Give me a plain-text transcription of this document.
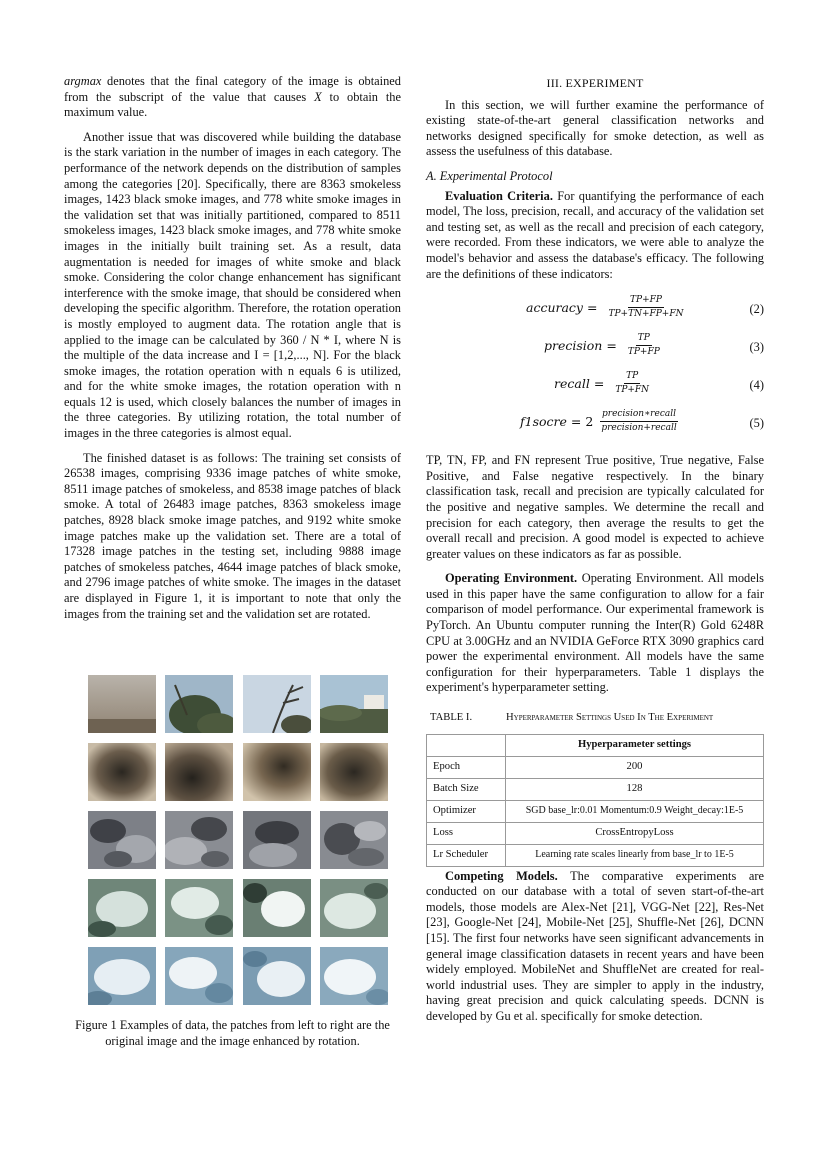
argmax denotes that the final category of the image is obtained from the subscript of the value that causes X to obtain the maximum value.

Another issue that was discovered while building the database is the stark variation in the number of images in each category. The performance of the network depends on the distribution of samples among the categories [20]. Specifically, there are 8363 smokeless images, 1423 black smoke images, and 778 white smoke images in the validation set that was initially partitioned, compared to 8511 smokeless images, 1423 black smoke images, and 778 white smoke images in the initially built training set. As a result, data augmentation is needed for images of white smoke and black smoke. Considering the color change enhancement has significant interference with the smoke image, that should be considered when developing the specific algorithm. Therefore, the rotation operation is mostly employed to augment data. The rotation angle that is applied to the image can be calculated by 360 / N * I, where N is the multiple of the data increase and I = [1,2,..., N]. For the black smoke images, the rotation operation with n equals 6 is utilized, and for the white smoke images, the rotation operation with n equals 12 is used, which closely balances the number of images in the three categories. By utilizing rotation, the total number of images in the three categories is almost equal.

The finished dataset is as follows: The training set consists of 26538 images, comprising 9336 image patches of white smoke, 8511 image patches of smokeless, and 8538 image patches of black smoke. A total of 26483 image patches, 8363 smokeless image patches, 8928 black smoke image patches, and 9192 white smoke image patches make up the validation set. There are a total of 17328 image patches in the testing set, including 9888 image patches of smokeless patches, 4644 image patches of black smoke, and 2796 image patches of white smoke. The images in the dataset are displayed in Figure 1, it is important to note that only the images from the training set and the validation set are rotated.

Figure 1 Examples of data, the patches from left to right are the original image and the image enhanced by rotation.
III. EXPERIMENT

In this section, we will further examine the performance of existing state-of-the-art general classification networks and networks designed specifically for smoke detection, as well as assess the usefulness of this database.

A. Experimental Protocol

Evaluation Criteria. For quantifying the performance of each model, The loss, precision, recall, and accuracy of the validation set and testing set, as well as the recall and precision of each category, were recorded. From these indicators, we were able to analyze the model's behavior and assess the database's efficacy. The following are the definitions of these indicators:

accuracy = $\frac{TP+FP}{TP+TN+FP+FN}$	(2)
precision = $\frac{TP}{TP+FP}$	(3)
recall = $\frac{TP}{TP+FN}$	(4)
f1socre = $2 \frac{\text{precision∗recall}}{\text{precision+recall}}$	(5)

TP, TN, FP, and FN represent True positive, True negative, False Positive, and False negative respectively. In the binary classification task, recall and precision are typically calculated for the positive and negative samples. We determine the recall and precision for each category, then average the results to get the overall recall and precision. A good model is expected to achieve greater values on these indicators as far as possible.

Operating Environment. Operating Environment. All models used in this paper have the same configuration to allow for a fair comparison of model performance. Our experimental framework is PyTorch. An Ubuntu computer running the Inter(R) Gold 6248R CPU at 3.00GHz and an NVIDIA GeForce RTX 3090 graphics card power the experimental environment. All models have the same configuration for their hyperparameters. Table 1 displays the experiment's hyperparameter setting.

TABLE I.	Hyperparameter Settings Used In The Experiment
	Hyperparameter settings
Epoch	200
Batch Size	128
Optimizer	SGD base_lr:0.01 Momentum:0.9 Weight_decay:1E-5
Loss	CrossEntropyLoss
Lr Scheduler	Learning rate scales linearly from base_lr to 1E-5

Competing Models. The comparative experiments are conducted on our database with a total of seven start-of-the-art models, those models are Alex-Net [21], VGG-Net [22], Res-Net [23], Google-Net [24], Mobile-Net [25], Shuffle-Net [26], DCNN [15]. The first four networks have seen significant advancements in general image classification datasets in recent years and have been widely employed. MobileNet and ShuffleNet are created for real-world industrial uses. They are simpler to apply in the industry, having great precision and quick calculating speeds. DCNN is developed by Gu et al. specifically for smoke detection.
